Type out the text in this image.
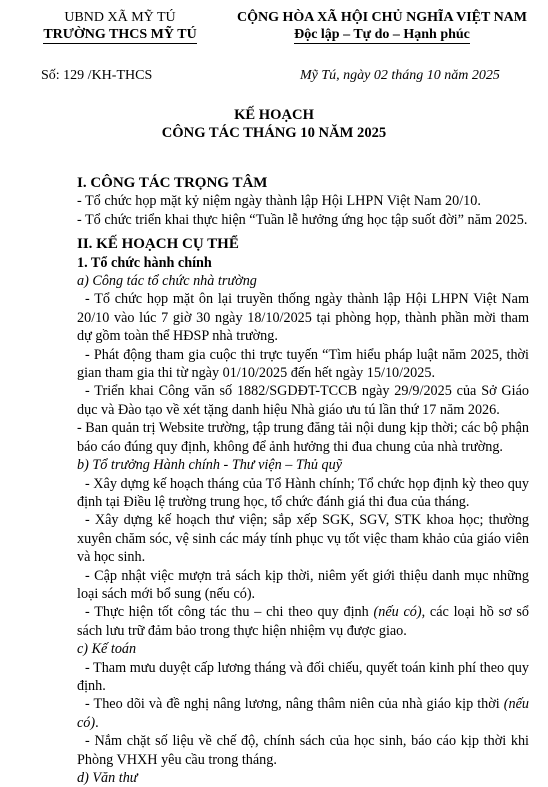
UBND XÃ MỸ TÚ
TRƯỜNG THCS MỸ TÚ
CỘNG HÒA XÃ HỘI CHỦ NGHĨA VIỆT NAM
Độc lập – Tự do – Hạnh phúc
Số: 129 /KH-THCS	Mỹ Tú, ngày 02 tháng 10 năm 2025
KẾ HOẠCH
CÔNG TÁC THÁNG 10 NĂM 2025

I. CÔNG TÁC TRỌNG TÂM

- Tổ chức họp mặt kỷ niệm ngày thành lập Hội LHPN Việt Nam 20/10.

- Tổ chức triển khai thực hiện “Tuần lễ hưởng ứng học tập suốt đời” năm 2025.

II. KẾ HOẠCH CỤ THỂ

1. Tổ chức hành chính

a) Công tác tổ chức nhà trường

- Tổ chức họp mặt ôn lại truyền thống ngày thành lập Hội LHPN Việt Nam 20/10 vào lúc 7 giờ 30 ngày 18/10/2025 tại phòng họp, thành phần mời tham dự gồm toàn thể HĐSP nhà trường.

- Phát động tham gia cuộc thi trực tuyến “Tìm hiểu pháp luật năm 2025, thời gian tham gia thi từ ngày 01/10/2025 đến hết ngày 15/10/2025.

- Triển khai Công văn số 1882/SGDĐT-TCCB ngày 29/9/2025 của Sở Giáo dục và Đào tạo về xét tặng danh hiệu Nhà giáo ưu tú lần thứ 17 năm 2026.

- Ban quản trị Website trường, tập trung đăng tải nội dung kịp thời; các bộ phận báo cáo đúng quy định, không để ảnh hưởng thi đua chung của nhà trường.

b) Tổ trưởng Hành chính - Thư viện – Thủ quỹ

- Xây dựng kế hoạch tháng của Tổ Hành chính; Tổ chức họp định kỳ theo quy định tại Điều lệ trường trung học, tổ chức đánh giá thi đua của tháng.

- Xây dựng kế hoạch thư viện; sắp xếp SGK, SGV, STK khoa học; thường xuyên chăm sóc, vệ sinh các máy tính phục vụ tốt việc tham khảo của giáo viên và học sinh.

- Cập nhật việc mượn trả sách kịp thời, niêm yết giới thiệu danh mục những loại sách mới bổ sung (nếu có).

- Thực hiện tốt công tác thu – chi theo quy định (nếu có), các loại hồ sơ sổ sách lưu trữ đảm bảo trong thực hiện nhiệm vụ được giao.

c) Kế toán

- Tham mưu duyệt cấp lương tháng và đối chiếu, quyết toán kinh phí theo quy định.

- Theo dõi và đề nghị nâng lương, nâng thâm niên của nhà giáo kịp thời (nếu có).

- Nắm chặt số liệu về chế độ, chính sách của học sinh, báo cáo kịp thời khi Phòng VHXH yêu cầu trong tháng.

d) Văn thư
